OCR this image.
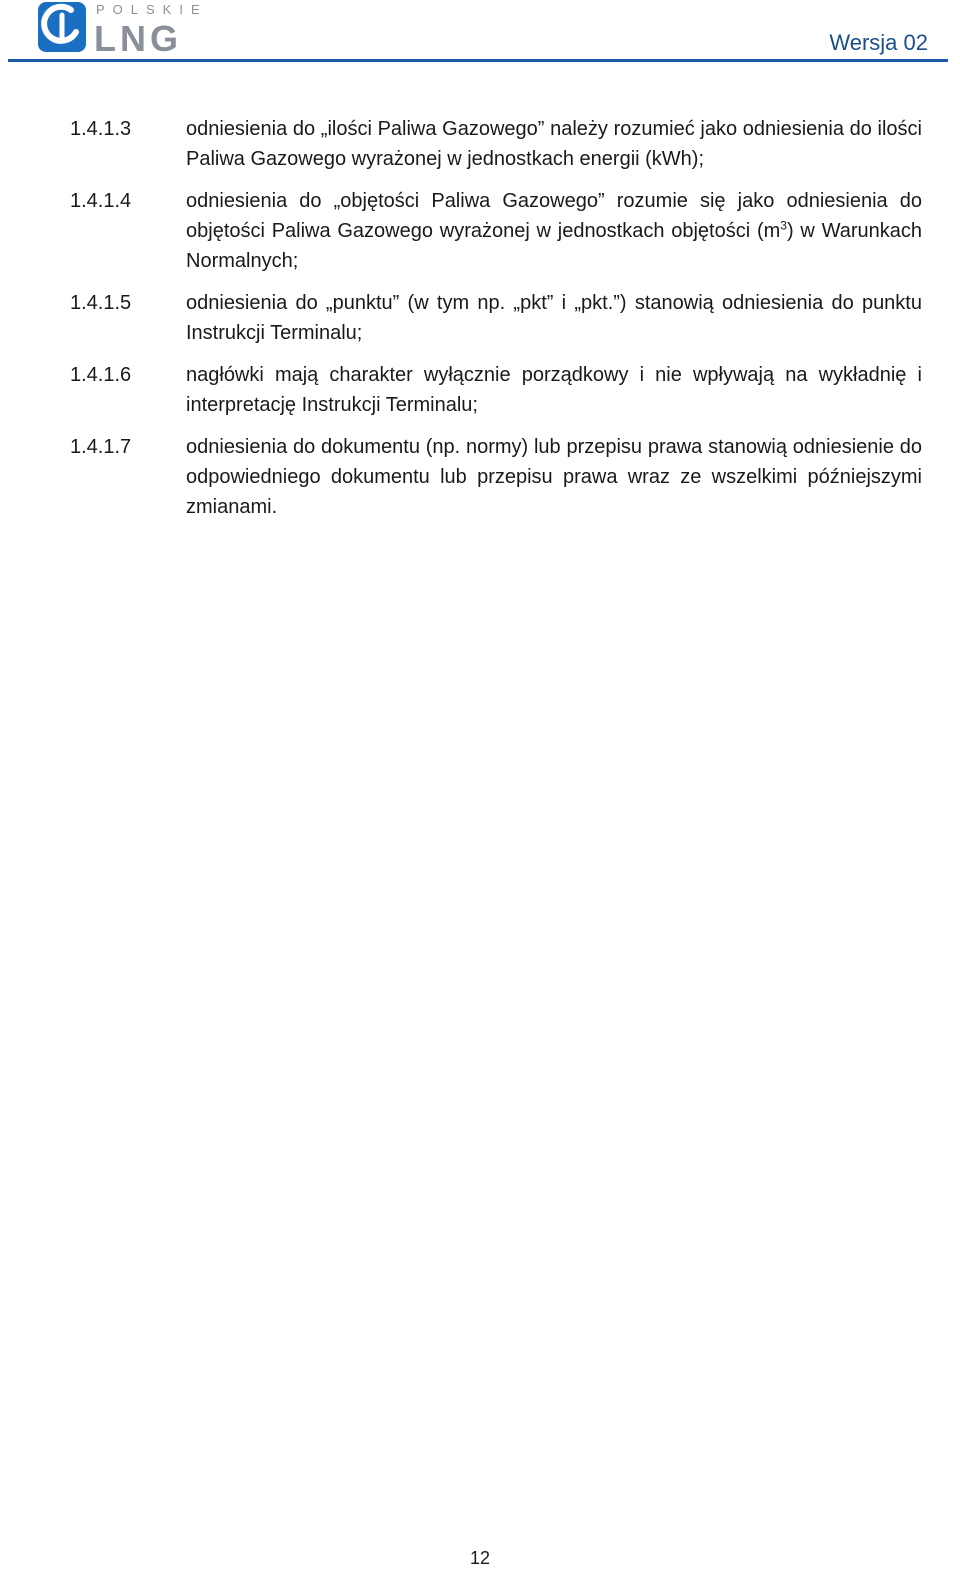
POLSKIE
LNG	Wersja 02
1.4.1.3	odniesienia do „ilości Paliwa Gazowego” należy rozumieć jako odniesienia do ilości Paliwa Gazowego wyrażonej w jednostkach energii (kWh);
1.4.1.4	odniesienia do „objętości Paliwa Gazowego” rozumie się jako odniesienia do objętości Paliwa Gazowego wyrażonej w jednostkach objętości $(m^3)$ w Warunkach Normalnych;
1.4.1.5	odniesienia do „punktu” (w tym np. „pkt” i „pkt.”) stanowią odniesienia do punktu Instrukcji Terminalu;
1.4.1.6	nagłówki mają charakter wyłącznie porządkowy i nie wpływają na wykładnię i interpretację Instrukcji Terminalu;
1.4.1.7	odniesienia do dokumentu (np. normy) lub przepisu prawa stanowią odniesienie do odpowiedniego dokumentu lub przepisu prawa wraz ze wszelkimi późniejszymi zmianami.
12
